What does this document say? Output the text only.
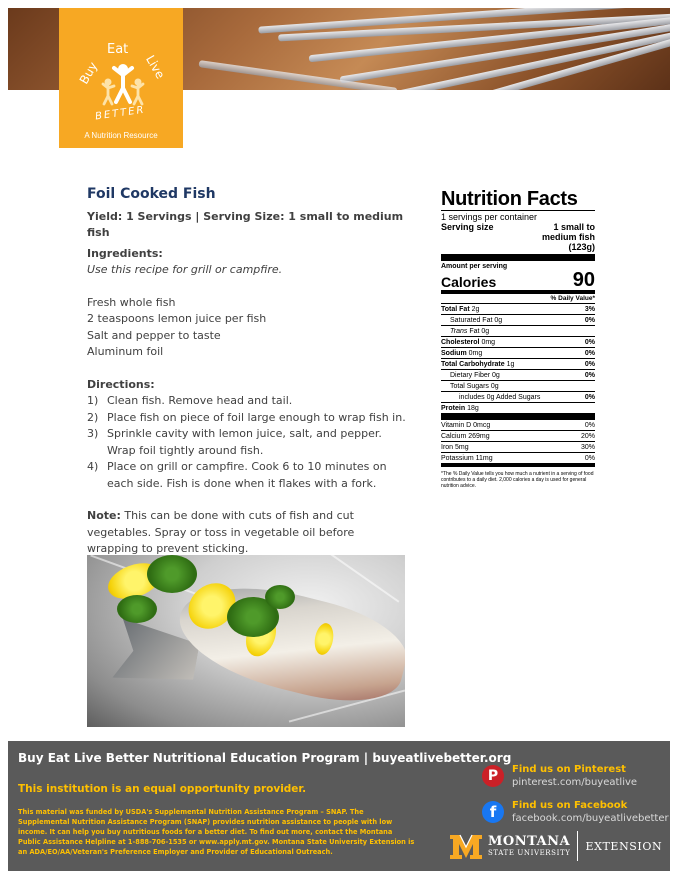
Buy
Eat
Live
BETTER
A Nutrition Resource
Foil Cooked Fish
Yield: 1 Servings | Serving Size: 1 small to medium fish
Ingredients:
Use this recipe for grill or campfire.
Fresh whole fish
2 teaspoons lemon juice per fish
Salt and pepper to taste
Aluminum foil
Directions:
1) Clean fish. Remove head and tail.
2) Place fish on piece of foil large enough to wrap fish in.
3) Sprinkle cavity with lemon juice, salt, and pepper. Wrap foil tightly around fish.
4) Place on grill or campfire. Cook 6 to 10 minutes on each side. Fish is done when it flakes with a fork.
Note: This can be done with cuts of fish and cut vegetables. Spray or toss in vegetable oil before wrapping to prevent sticking.
Nutrition Facts
1 servings per container
Serving size	1 small to medium fish (123g)
Amount per serving
Calories	90
% Daily Value*
Total Fat 2g	3%
Saturated Fat 0g	0%
Trans Fat 0g
Cholesterol 0mg	0%
Sodium 0mg	0%
Total Carbohydrate 1g	0%
Dietary Fiber 0g	0%
Total Sugars 0g
includes 0g Added Sugars	0%
Protein 18g
Vitamin D 0mcg	0%
Calcium 269mg	20%
Iron 5mg	30%
Potassium 11mg	0%
*The % Daily Value tells you how much a nutrient in a serving of food contributes to a daily diet. 2,000 calories a day is used for general nutrition advice.
Buy Eat Live Better Nutritional Education Program | buyeatlivebetter.org
This institution is an equal opportunity provider.
This material was funded by USDA's Supplemental Nutrition Assistance Program – SNAP. The Supplemental Nutrition Assistance Program (SNAP) provides nutrition assistance to people with low income. It can help you buy nutritious foods for a better diet. To find out more, contact the Montana Public Assistance Helpline at 1-888-706-1535 or www.apply.mt.gov. Montana State University Extension is an ADA/EO/AA/Veteran's Preference Employer and Provider of Educational Outreach.
P	Find us on Pinterest
pinterest.com/buyeatlive
f	Find us on Facebook
facebook.com/buyeatlivebetter
MONTANA
STATE UNIVERSITY
EXTENSION
